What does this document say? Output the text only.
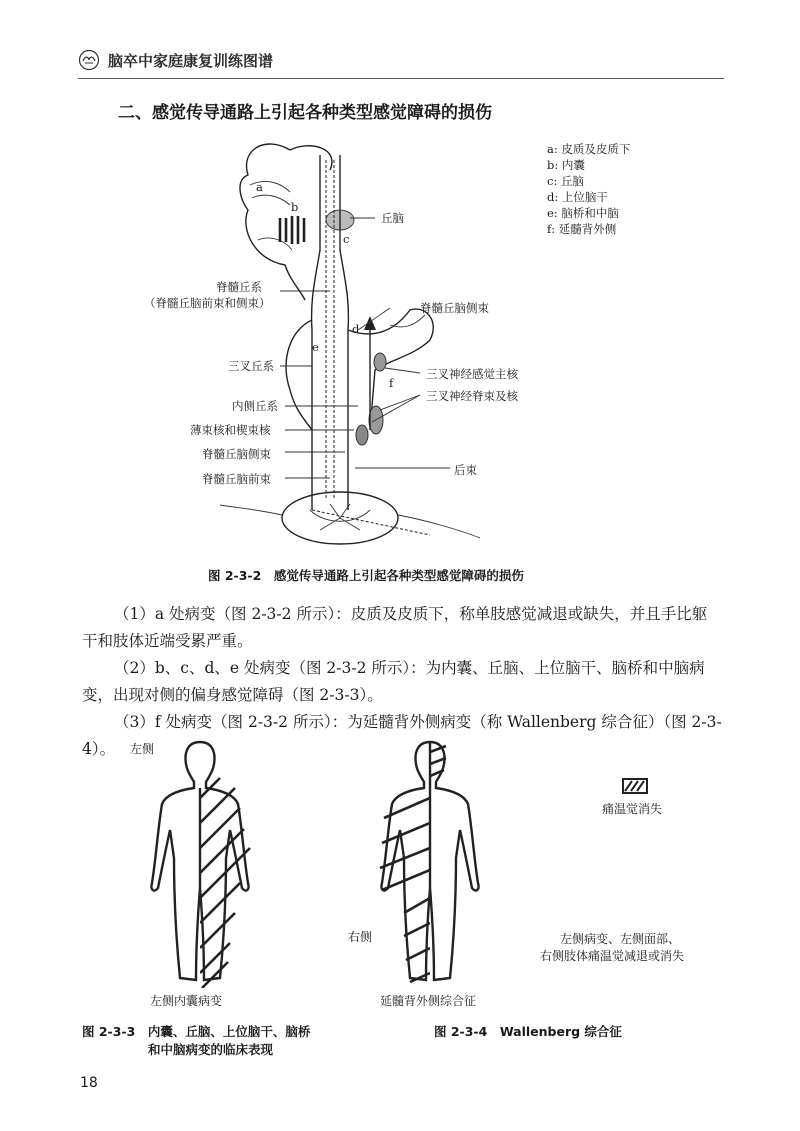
脑卒中家庭康复训练图谱
二、感觉传导通路上引起各种类型感觉障碍的损伤
a
b
c
d
e
f
a: 皮质及皮质下
b: 内囊
c: 丘脑
d: 上位脑干
e: 脑桥和中脑
f: 延髓背外侧
丘脑
脊髓丘系
（脊髓丘脑前束和侧束）	脊髓丘脑侧束
三叉丘系
三叉神经感觉主核
三叉神经脊束及核
内侧丘系
薄束核和楔束核
脊髓丘脑侧束
脊髓丘脑前束
后束
图 2-3-2　感觉传导通路上引起各种类型感觉障碍的损伤
（1）a 处病变（图 2-3-2 所示）：皮质及皮质下，称单肢感觉减退或缺失，并且手比躯干和肢体近端受累严重。
（2）b、c、d、e 处病变（图 2-3-2 所示）：为内囊、丘脑、上位脑干、脑桥和中脑病变，出现对侧的偏身感觉障碍（图 2-3-3）。
（3）f 处病变（图 2-3-2 所示）：为延髓背外侧病变（称 Wallenberg 综合征）（图 2-3-4）。	左侧
左侧内囊病变
图 2-3-3　内囊、丘脑、上位脑干、脑桥
和中脑病变的临床表现
右侧
延髓背外侧综合征
痛温觉消失
左侧病变、左侧面部、
右侧肢体痛温觉减退或消失
图 2-3-4　Wallenberg 综合征
18
